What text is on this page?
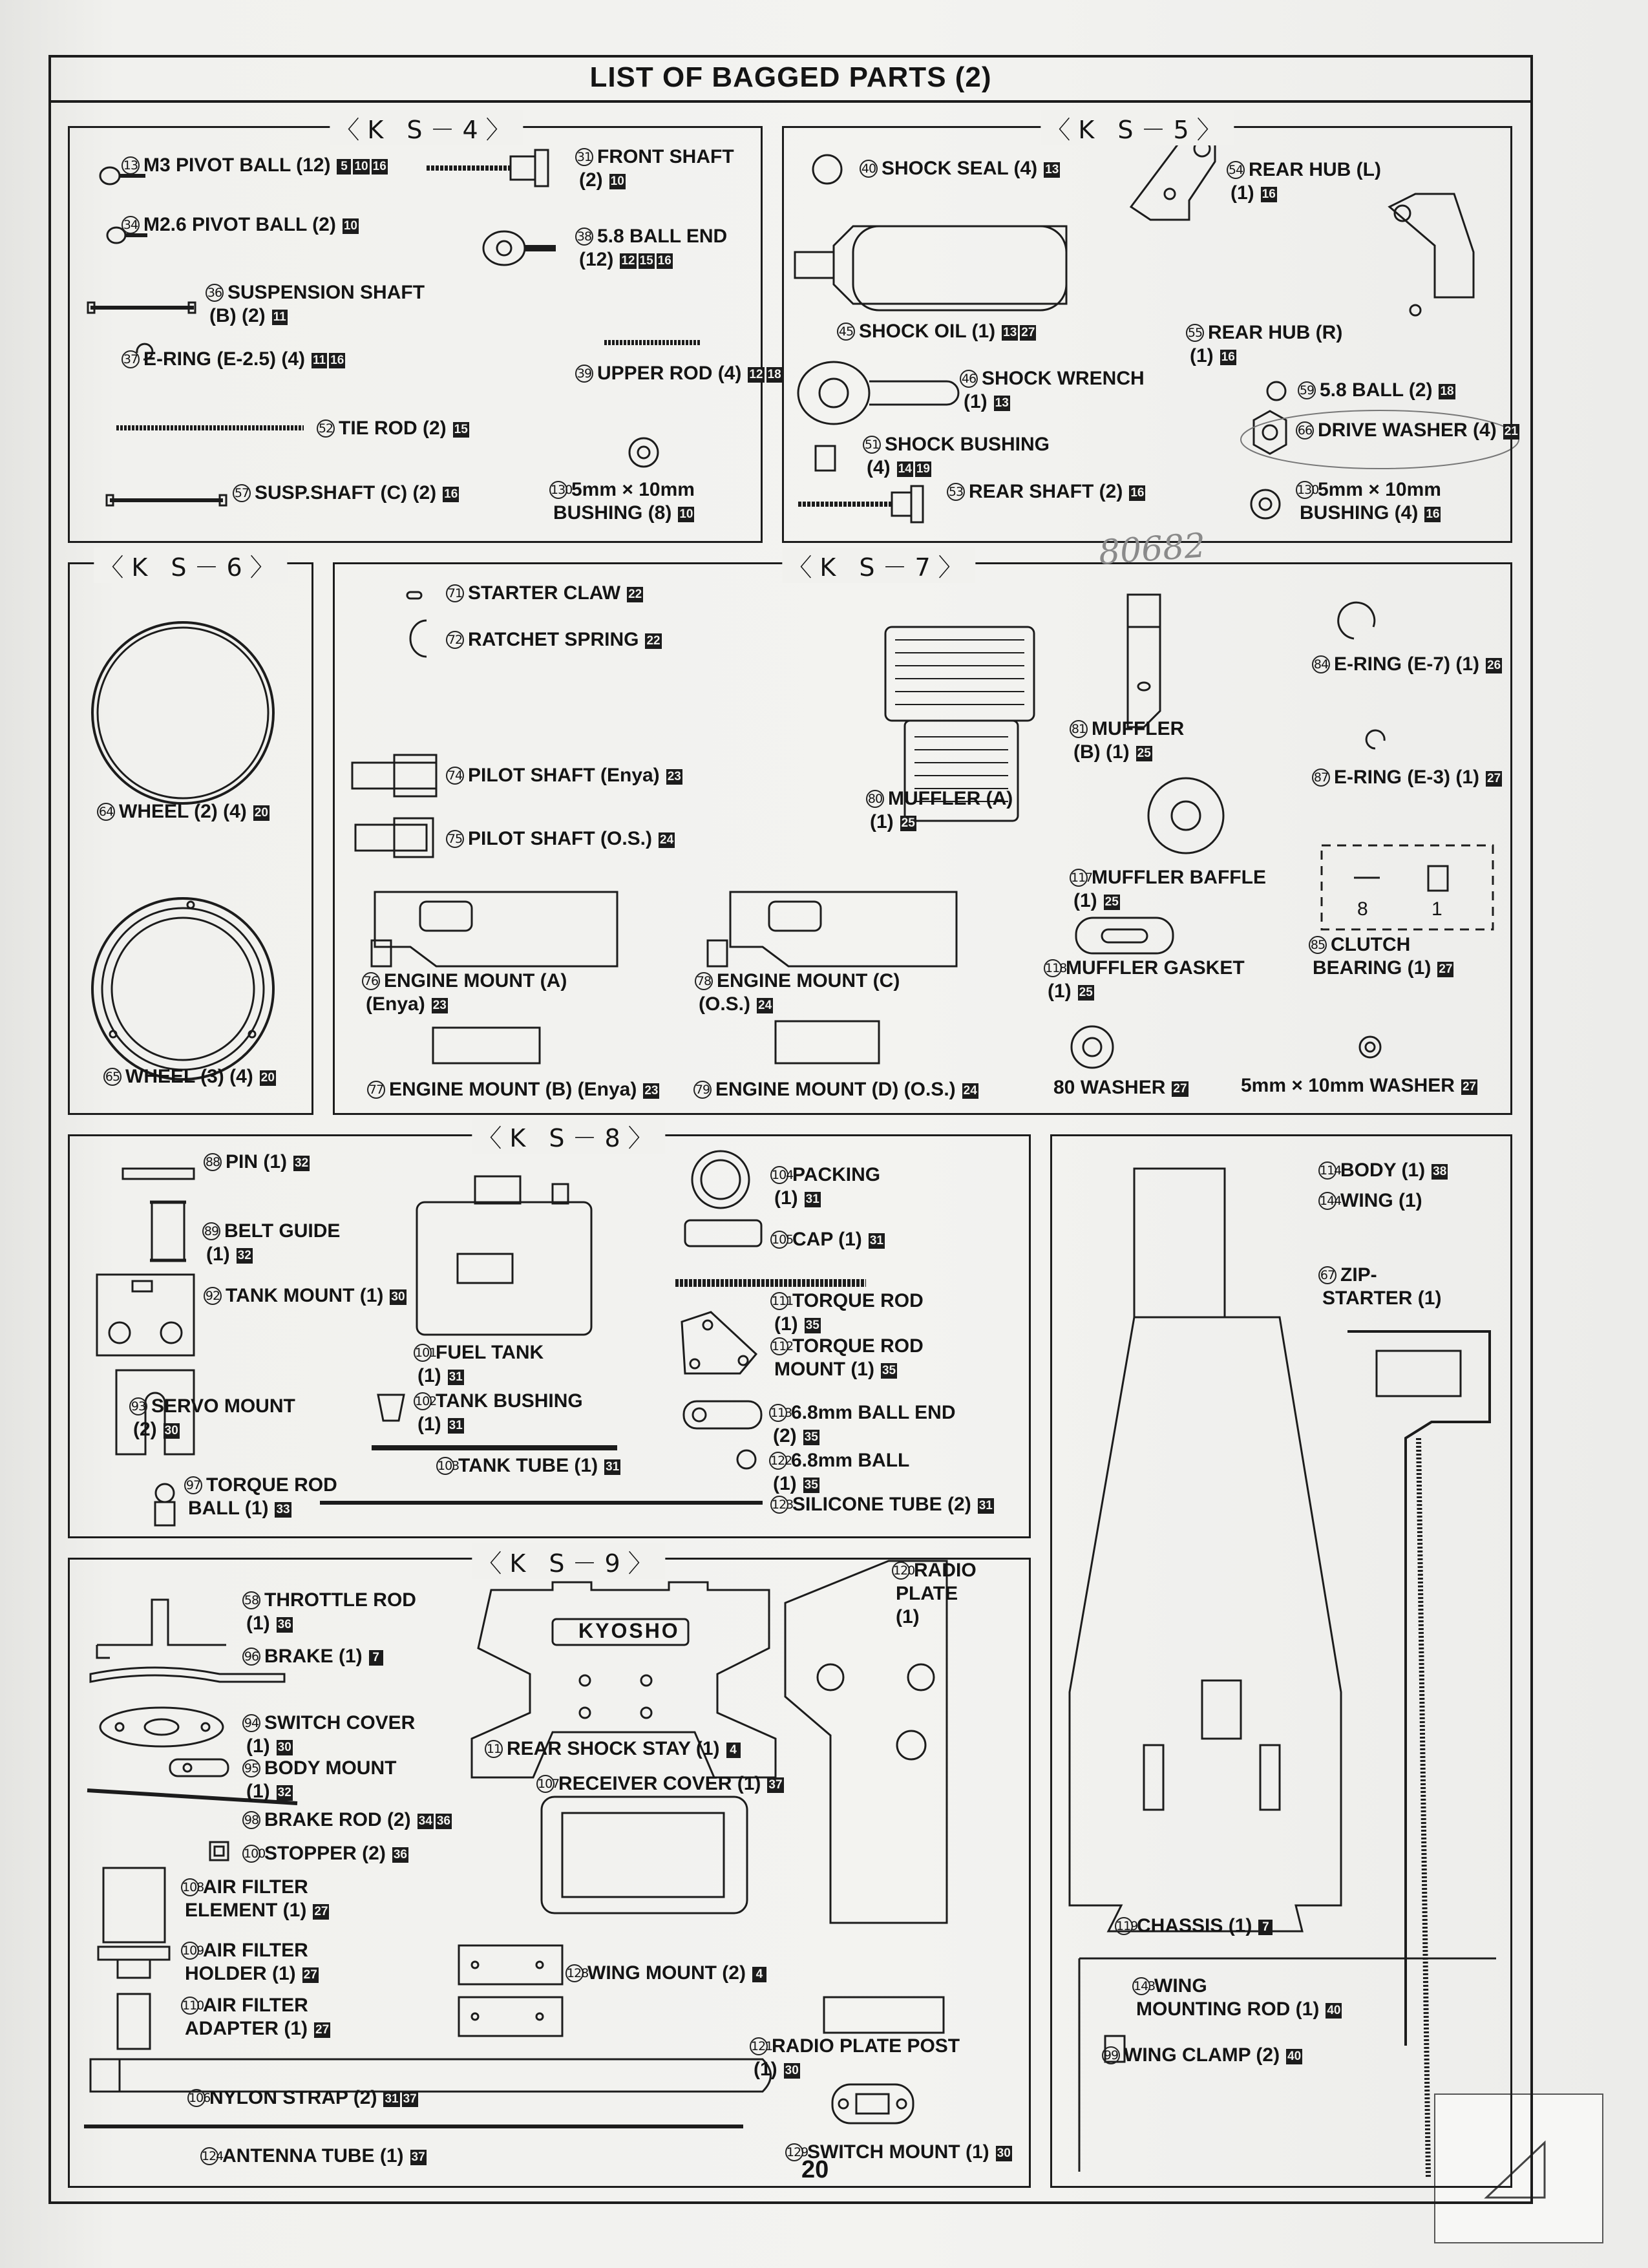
LIST OF BAGGED PARTS (2)
〈K S－4〉	〈K S－5〉
〈K S－6〉	〈K S－7〉
〈K S－8〉
〈K S－9〉
80682
13 M3 PIVOT BALL (12) 5 10 16
34 M2.6 PIVOT BALL (2) 10
36 SUSPENSION SHAFT
(B) (2) 11
37 E-RING (E-2.5) (4) 11 16
52 TIE ROD (2) 15
57 SUSP.SHAFT (C) (2) 16
31 FRONT SHAFT
(2) 10
38 5.8 BALL END
(12) 12 15 16
39 UPPER ROD (4) 12 18
1305mm × 10mm
BUSHING (8) 10
40 SHOCK SEAL (4) 13
45 SHOCK OIL (1) 13 27
46 SHOCK WRENCH
(1) 13
51 SHOCK BUSHING
(4) 14 19
53 REAR SHAFT (2) 16
54 REAR HUB (L)
(1) 16
55 REAR HUB (R)
(1) 16
59 5.8 BALL (2) 18
66 DRIVE WASHER (4) 21
1305mm × 10mm
BUSHING (4) 16
64 WHEEL (2) (4) 20
65 WHEEL (3) (4) 20
71 STARTER CLAW 22
72 RATCHET SPRING 22
74 PILOT SHAFT (Enya) 23
75 PILOT SHAFT (O.S.) 24
76 ENGINE MOUNT (A)
(Enya) 23
78 ENGINE MOUNT (C)
(O.S.) 24
77 ENGINE MOUNT (B) (Enya) 23	79 ENGINE MOUNT (D) (O.S.) 24
80 MUFFLER (A)
(1) 25
81 MUFFLER
(B) (1) 25
117MUFFLER BAFFLE
(1) 25
118MUFFLER GASKET
(1) 25
80 WASHER 27
84 E-RING (E-7) (1) 26
87 E-RING (E-3) (1) 27
85 CLUTCH
BEARING (1) 27
5mm × 10mm WASHER 27
88 PIN (1) 32
89 BELT GUIDE
(1) 32
92 TANK MOUNT (1) 30
93 SERVO MOUNT
(2) 30
97 TORQUE ROD
BALL (1) 33
101FUEL TANK
(1) 31
102TANK BUSHING
(1) 31
103TANK TUBE (1) 31
104PACKING
(1) 31
105CAP (1) 31
111TORQUE ROD
(1) 35
112TORQUE ROD
MOUNT (1) 35
1136.8mm BALL END
(2) 35
1226.8mm BALL
(1) 35
123SILICONE TUBE (2) 31
114BODY (1) 38
144WING (1)
67 ZIP-
STARTER (1)
119CHASSIS (1) 7
143WING
MOUNTING ROD (1) 40
99 WING CLAMP (2) 40
58 THROTTLE ROD
(1) 36
96 BRAKE (1) 7
94 SWITCH COVER
(1) 30
95 BODY MOUNT
(1) 32
98 BRAKE ROD (2) 34 36
100STOPPER (2) 36
108AIR FILTER
ELEMENT (1) 27
109AIR FILTER
HOLDER (1) 27
110AIR FILTER
ADAPTER (1) 27
106NYLON STRAP (2) 31 37
124ANTENNA TUBE (1) 37
11 REAR SHOCK STAY (1) 4
107RECEIVER COVER (1) 37
128WING MOUNT (2) 4
121RADIO PLATE POST
(1) 30
129SWITCH MOUNT (1) 30
120RADIO
PLATE
(1)
8	1
KYOSHO
20
